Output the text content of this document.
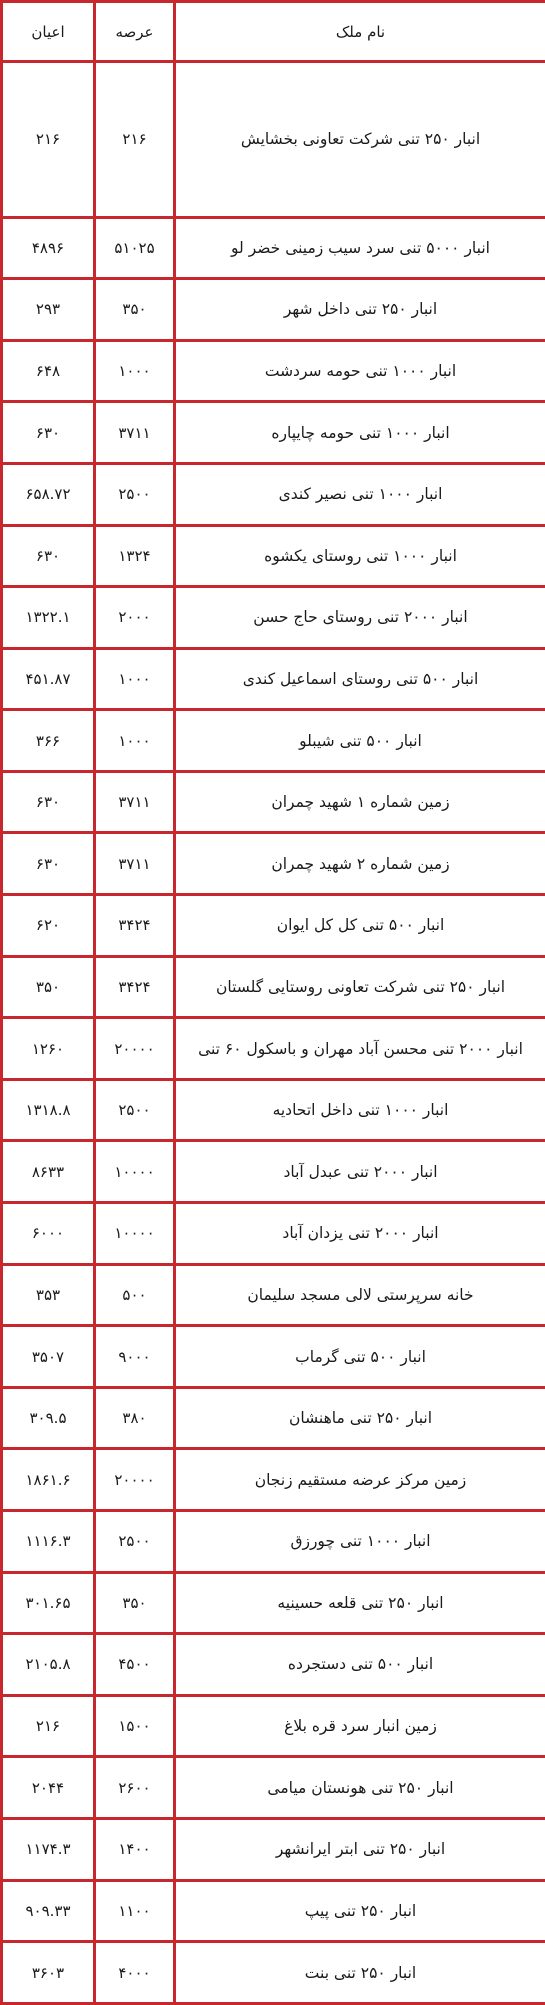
نام ملک	عرصه	اعیان
انبار ۲۵۰ تنی شرکت تعاونی بخشایش	۲۱۶	۲۱۶
انبار ۵۰۰۰ تنی سرد سیب زمینی خضر لو	۵۱۰۲۵	۴۸۹۶
انبار ۲۵۰ تنی داخل شهر	۳۵۰	۲۹۳
انبار ۱۰۰۰ تنی حومه سردشت	۱۰۰۰	۶۴۸
انبار ۱۰۰۰ تنی حومه چایپاره	۳۷۱۱	۶۳۰
انبار ۱۰۰۰ تنی نصیر کندی	۲۵۰۰	۶۵۸.۷۲
انبار ۱۰۰۰ تنی روستای یکشوه	۱۳۲۴	۶۳۰
انبار ۲۰۰۰ تنی روستای حاج حسن	۲۰۰۰	۱۳۲۲.۱
انبار ۵۰۰ تنی روستای اسماعیل کندی	۱۰۰۰	۴۵۱.۸۷
انبار ۵۰۰ تنی شیبلو	۱۰۰۰	۳۶۶
زمین شماره ۱ شهید چمران	۳۷۱۱	۶۳۰
زمین شماره ۲ شهید چمران	۳۷۱۱	۶۳۰
انبار ۵۰۰ تنی کل کل ایوان	۳۴۲۴	۶۲۰
انبار ۲۵۰ تنی شرکت تعاونی روستایی گلستان	۳۴۲۴	۳۵۰
انبار ۲۰۰۰ تنی محسن آباد مهران و باسکول ۶۰ تنی	۲۰۰۰۰	۱۲۶۰
انبار ۱۰۰۰ تنی داخل اتحادیه	۲۵۰۰	۱۳۱۸.۸
انبار ۲۰۰۰ تنی عبدل آباد	۱۰۰۰۰	۸۶۳۳
انبار ۲۰۰۰ تنی یزدان آباد	۱۰۰۰۰	۶۰۰۰
خانه سرپرستی لالی مسجد سلیمان	۵۰۰	۳۵۳
انبار ۵۰۰ تنی گرماب	۹۰۰۰	۳۵۰۷
انبار ۲۵۰ تنی ماهنشان	۳۸۰	۳۰۹.۵
زمین مرکز عرضه مستقیم زنجان	۲۰۰۰۰	۱۸۶۱.۶
انبار ۱۰۰۰ تنی چورزق	۲۵۰۰	۱۱۱۶.۳
انبار ۲۵۰ تنی قلعه حسینیه	۳۵۰	۳۰۱.۶۵
انبار ۵۰۰ تنی دستجرده	۴۵۰۰	۲۱۰۵.۸
زمین انبار سرد قره بلاغ	۱۵۰۰	۲۱۶
انبار ۲۵۰ تنی هونستان میامی	۲۶۰۰	۲۰۴۴
انبار ۲۵۰ تنی ابتر ایرانشهر	۱۴۰۰	۱۱۷۴.۳
انبار ۲۵۰ تنی پیپ	۱۱۰۰	۹۰۹.۳۳
انبار ۲۵۰ تنی بنت	۴۰۰۰	۳۶۰۳
